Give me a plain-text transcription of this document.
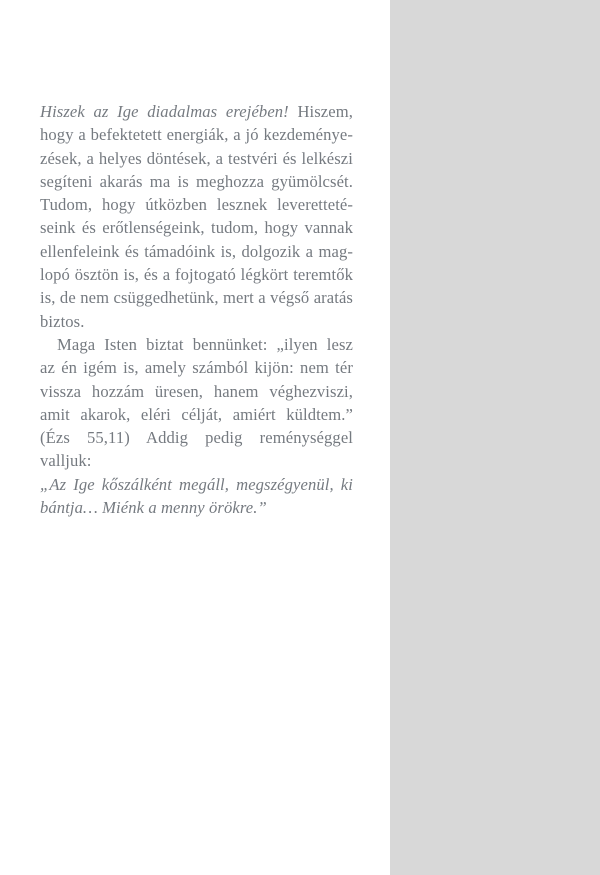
Hiszek az Ige diadalmas erejében! Hiszem,
hogy a befektetett energiák, a jó kezdeménye-
zések, a helyes döntések, a testvéri és lelkészi
segíteni akarás ma is meghozza gyümölcsét.
Tudom, hogy útközben lesznek leveretteté-
seink és erőtlenségeink, tudom, hogy vannak
ellenfeleink és támadóink is, dolgozik a mag-
lopó ösztön is, és a fojtogató légkört teremtők
is, de nem csüggedhetünk, mert a végső aratás
biztos.
Maga Isten biztat bennünket: „ilyen lesz
az én igém is, amely számból kijön: nem tér
vissza hozzám üresen, hanem véghezviszi,
amit akarok, eléri célját, amiért küldtem.”
(Ézs 55,11) Addig pedig reménységgel valljuk:
„Az Ige kőszálként megáll, megszégyenül, ki
bántja… Miénk a menny örökre.”
